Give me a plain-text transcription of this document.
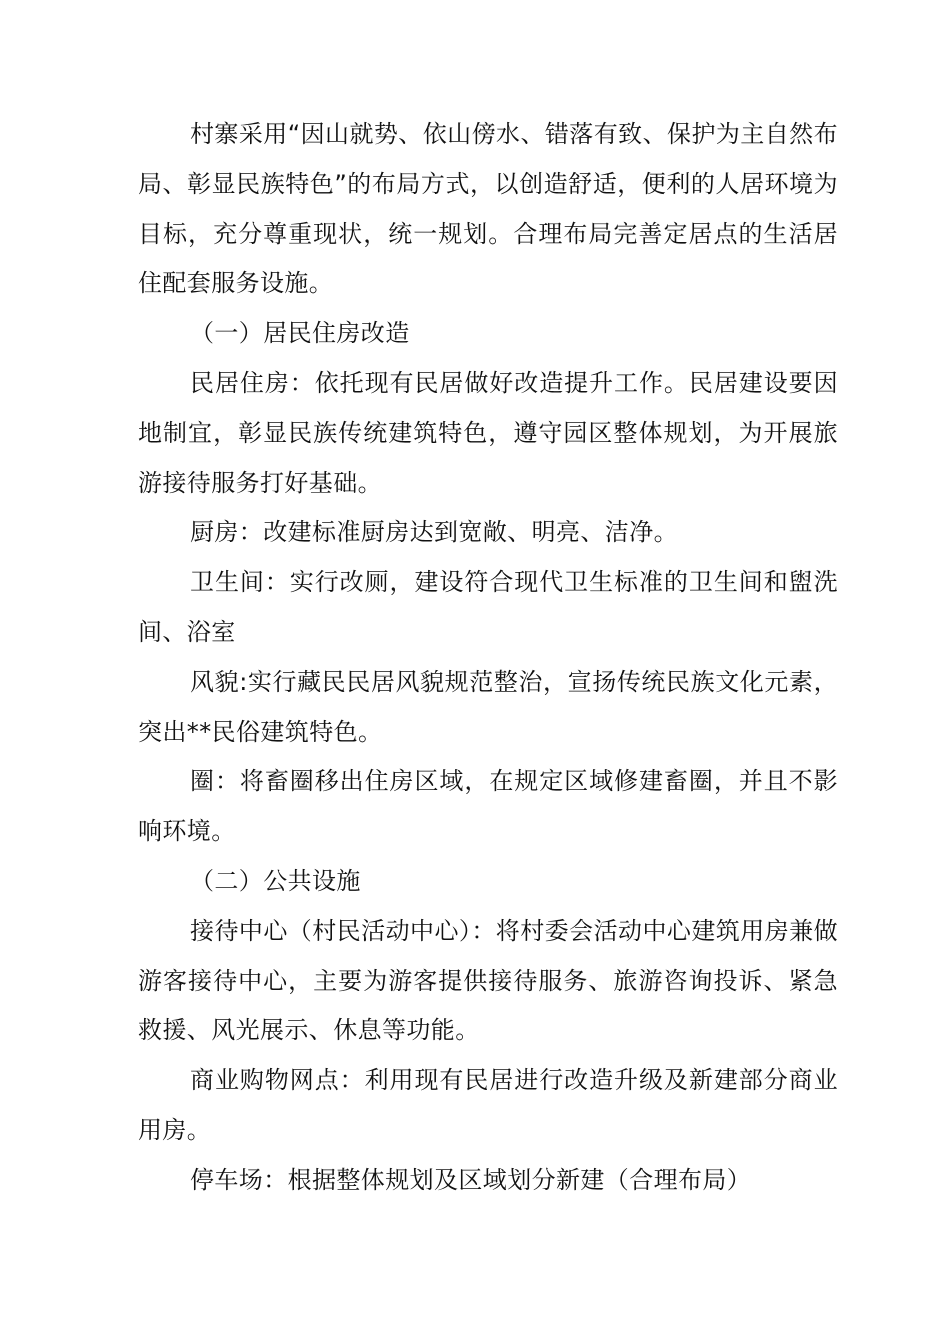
村寨采用“因山就势、依山傍水、错落有致、保护为主自然布局、彰显民族特色”的布局方式，以创造舒适，便利的人居环境为目标，充分尊重现状，统一规划。合理布局完善定居点的生活居住配套服务设施。

（一）居民住房改造

民居住房：依托现有民居做好改造提升工作。民居建设要因地制宜，彰显民族传统建筑特色，遵守园区整体规划，为开展旅游接待服务打好基础。

厨房：改建标准厨房达到宽敞、明亮、洁净。

卫生间：实行改厕，建设符合现代卫生标准的卫生间和盥洗间、浴室

风貌:实行藏民民居风貌规范整治，宣扬传统民族文化元素，突出**民俗建筑特色。

圈：将畜圈移出住房区域，在规定区域修建畜圈，并且不影响环境。

（二）公共设施

接待中心（村民活动中心）：将村委会活动中心建筑用房兼做游客接待中心，主要为游客提供接待服务、旅游咨询投诉、紧急救援、风光展示、休息等功能。

商业购物网点：利用现有民居进行改造升级及新建部分商业用房。

停车场：根据整体规划及区域划分新建（合理布局）
